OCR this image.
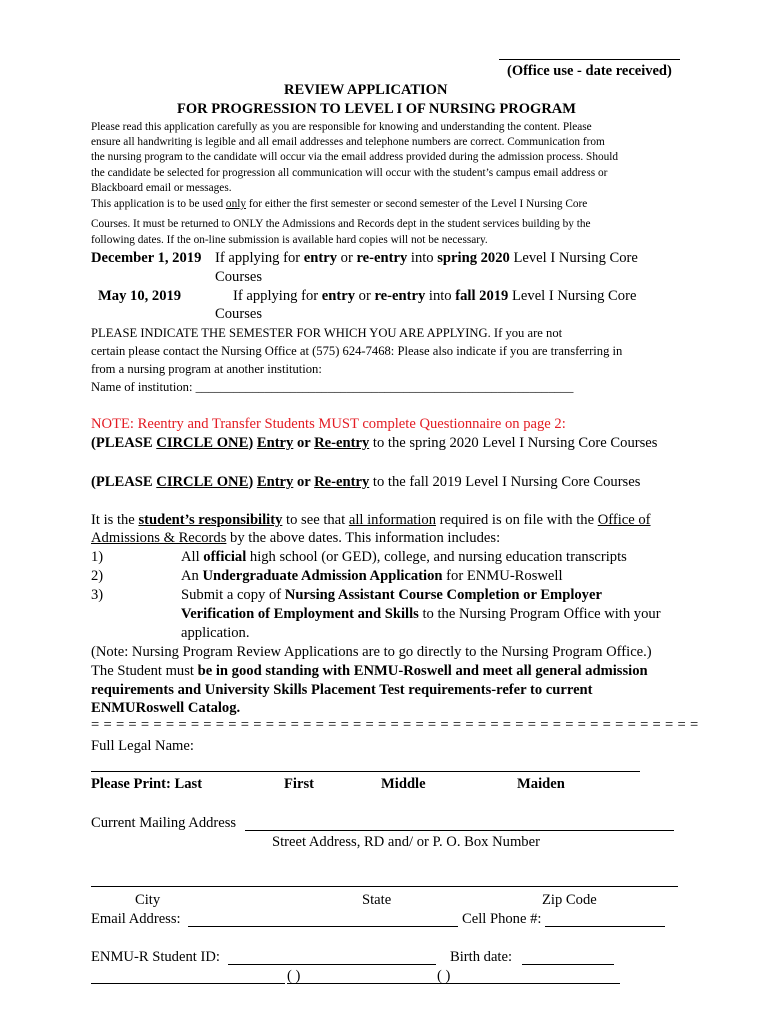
(Office use - date received)
REVIEW APPLICATION
FOR PROGRESSION TO LEVEL I OF NURSING PROGRAM
Please read this application carefully as you are responsible for knowing and understanding the content. Please
ensure all handwriting is legible and all email addresses and telephone numbers are correct. Communication from
the nursing program to the candidate will occur via the email address provided during the admission process. Should
the candidate be selected for progression all communication will occur with the student’s campus email address or
Blackboard email or messages.
This application is to be used only for either the first semester or second semester of the Level I Nursing Core
Courses. It must be returned to ONLY the Admissions and Records dept in the student services building by the
following dates. If the on-line submission is available hard copies will not be necessary.
December 1, 2019 If applying for entry or re-entry into spring 2020 Level I Nursing Core
Courses
May 10, 2019	If applying for entry or re-entry into fall 2019 Level I Nursing Core
Courses
PLEASE INDICATE THE SEMESTER FOR WHICH YOU ARE APPLYING. If you are not
certain please contact the Nursing Office at (575) 624-7468: Please also indicate if you are transferring in
from a nursing program at another institution:
Name of institution: ____________________________________________________________
NOTE: Reentry and Transfer Students MUST complete Questionnaire on page 2:
(PLEASE CIRCLE ONE) Entry or Re-entry to the spring 2020 Level I Nursing Core Courses
(PLEASE CIRCLE ONE) Entry or Re-entry to the fall 2019 Level I Nursing Core Courses
It is the student’s responsibility to see that all information required is on file with the Office of
Admissions & Records by the above dates. This information includes:
1)	All official high school (or GED), college, and nursing education transcripts
2)	An Undergraduate Admission Application for ENMU-Roswell
3)	Submit a copy of Nursing Assistant Course Completion or Employer
Verification of Employment and Skills to the Nursing Program Office with your
application.
(Note: Nursing Program Review Applications are to go directly to the Nursing Program Office.)
The Student must be in good standing with ENMU-Roswell and meet all general admission
requirements and University Skills Placement Test requirements-refer to current
ENMURoswell Catalog.
= = = = = = = = = = = = = = = = = = = = = = = = = = = = = = = = = = = = = = = = = = = = = = = = =
Full Legal Name:
Please Print: Last	First	Middle	Maiden
Current Mailing Address
Street Address, RD and/ or P. O. Box Number
City	State	Zip Code
Email Address:	Cell Phone #:
ENMU-R Student ID:	Birth date:
( )	( )
